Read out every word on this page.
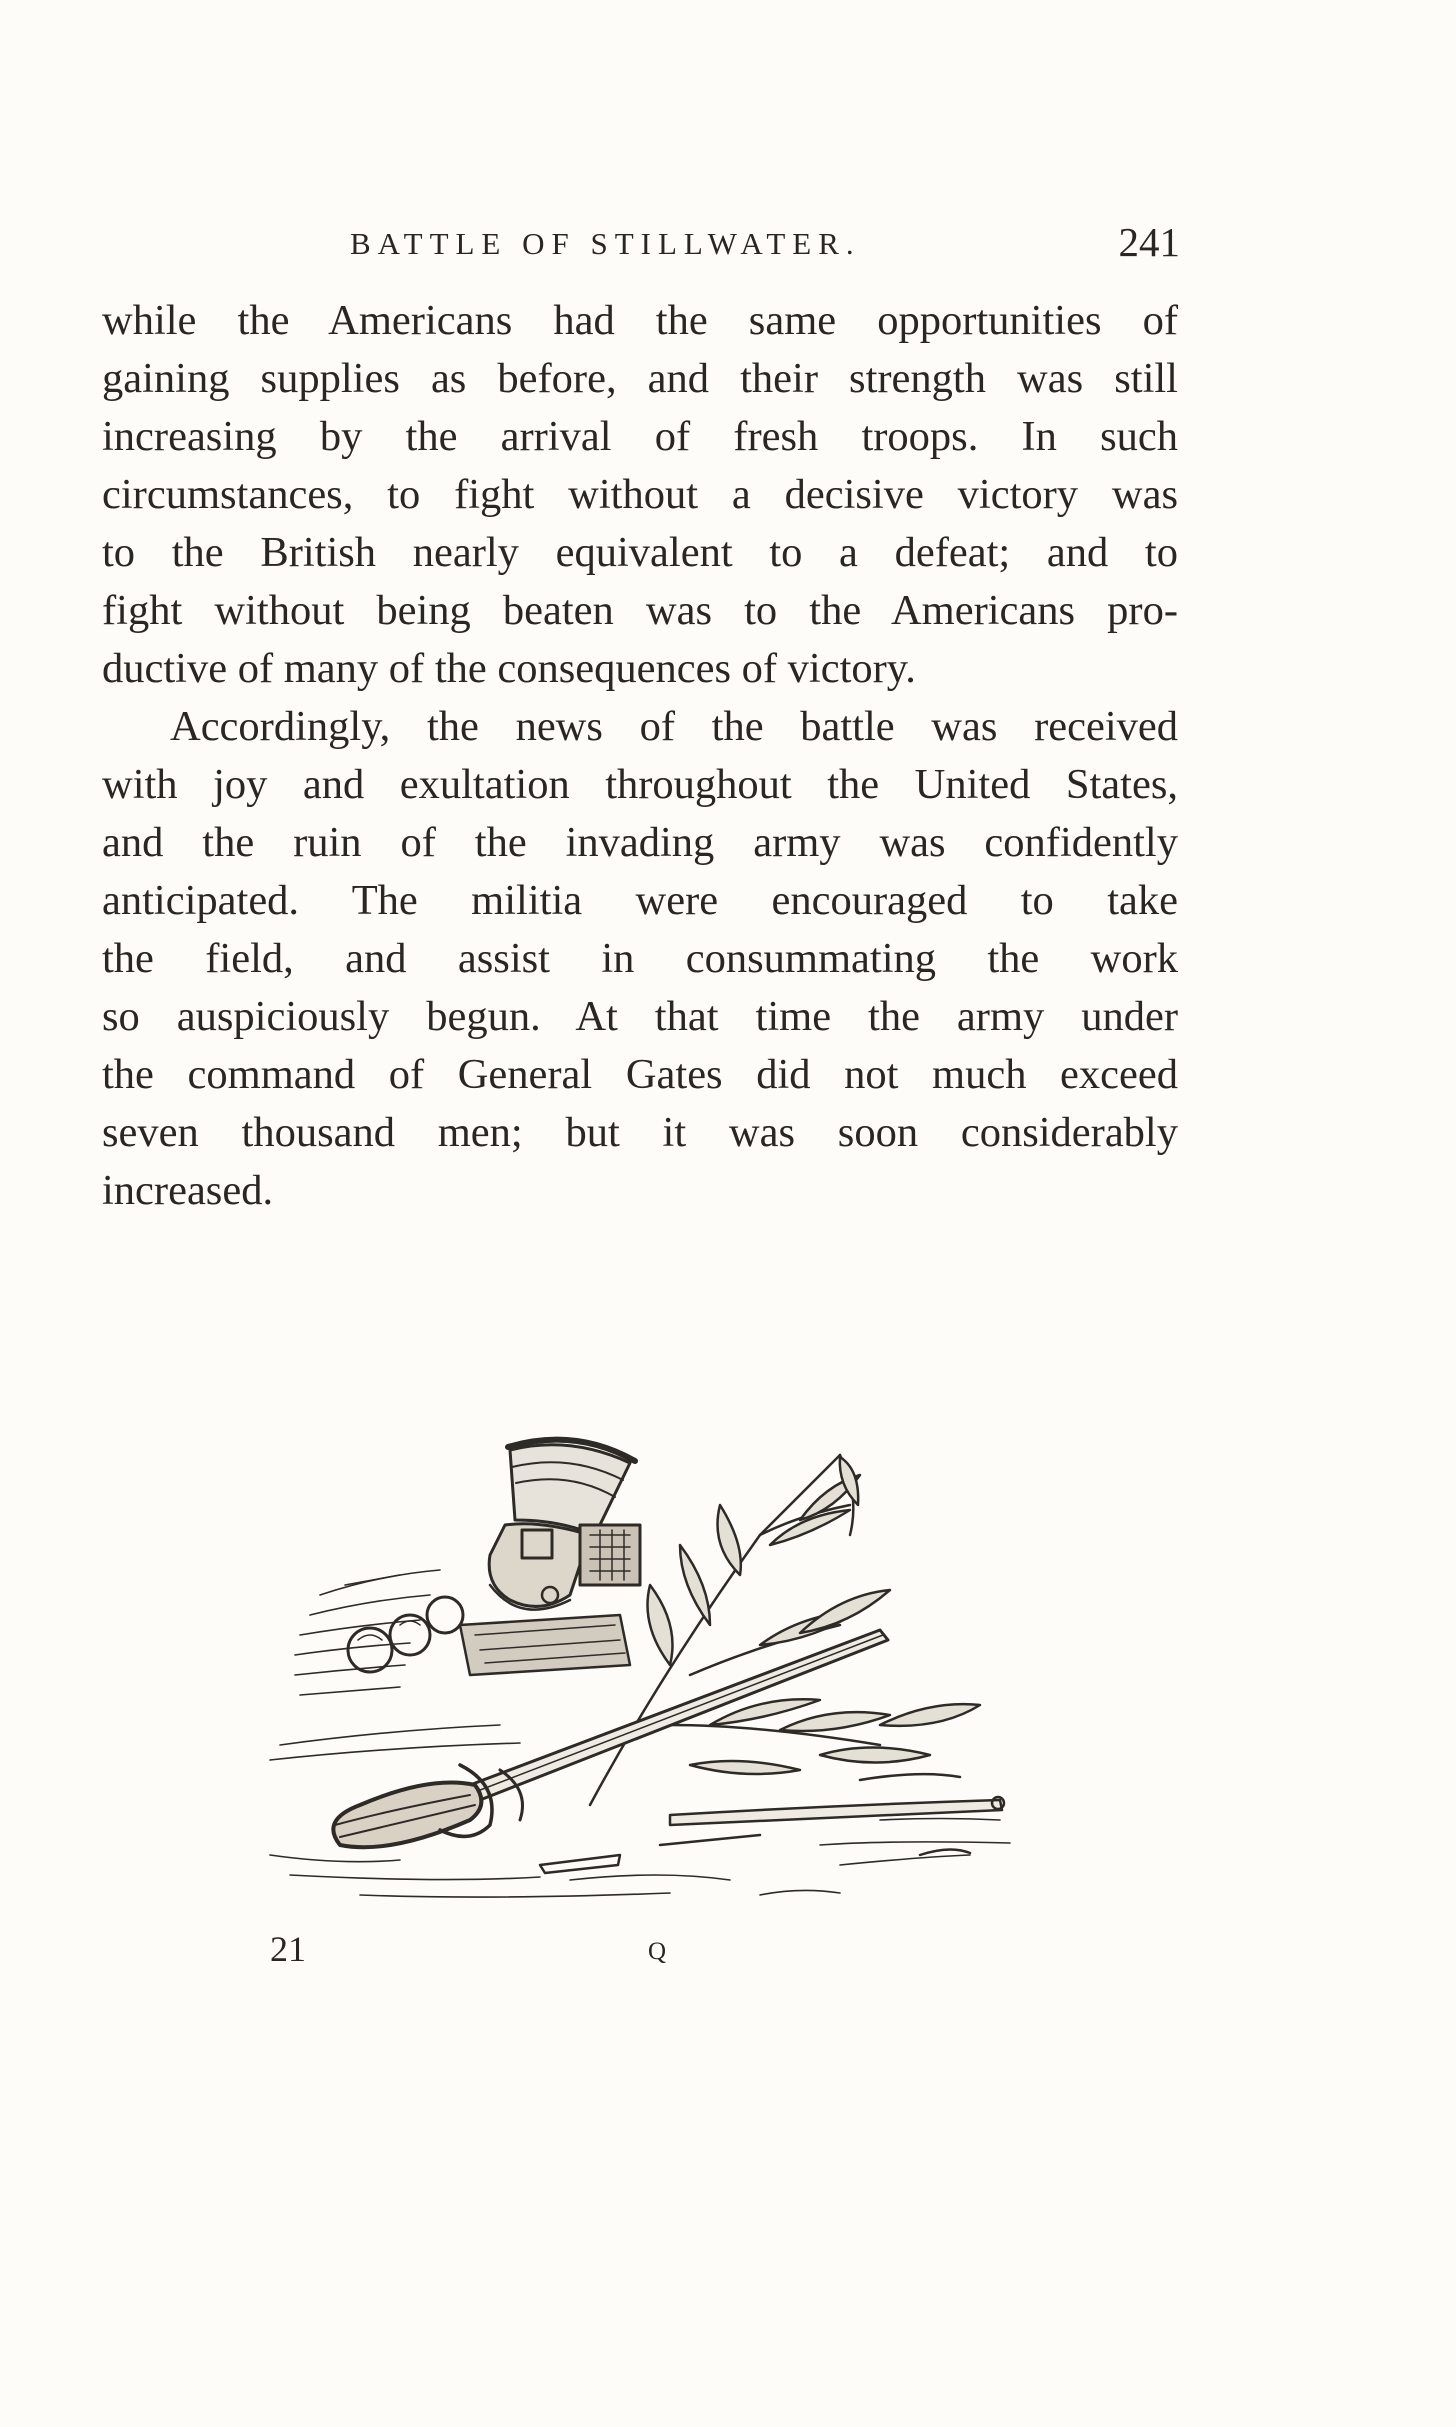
BATTLE OF STILLWATER.	241
while the Americans had the same opportunities of
gaining supplies as before, and their strength was still
increasing by the arrival of fresh troops. In such
circumstances, to fight without a decisive victory was
to the British nearly equivalent to a defeat; and to
fight without being beaten was to the Americans pro-
ductive of many of the consequences of victory.
Accordingly, the news of the battle was received
with joy and exultation throughout the United States,
and the ruin of the invading army was confidently
anticipated. The militia were encouraged to take
the field, and assist in consummating the work
so auspiciously begun. At that time the army under
the command of General Gates did not much exceed
seven thousand men; but it was soon considerably
increased.
21	Q
